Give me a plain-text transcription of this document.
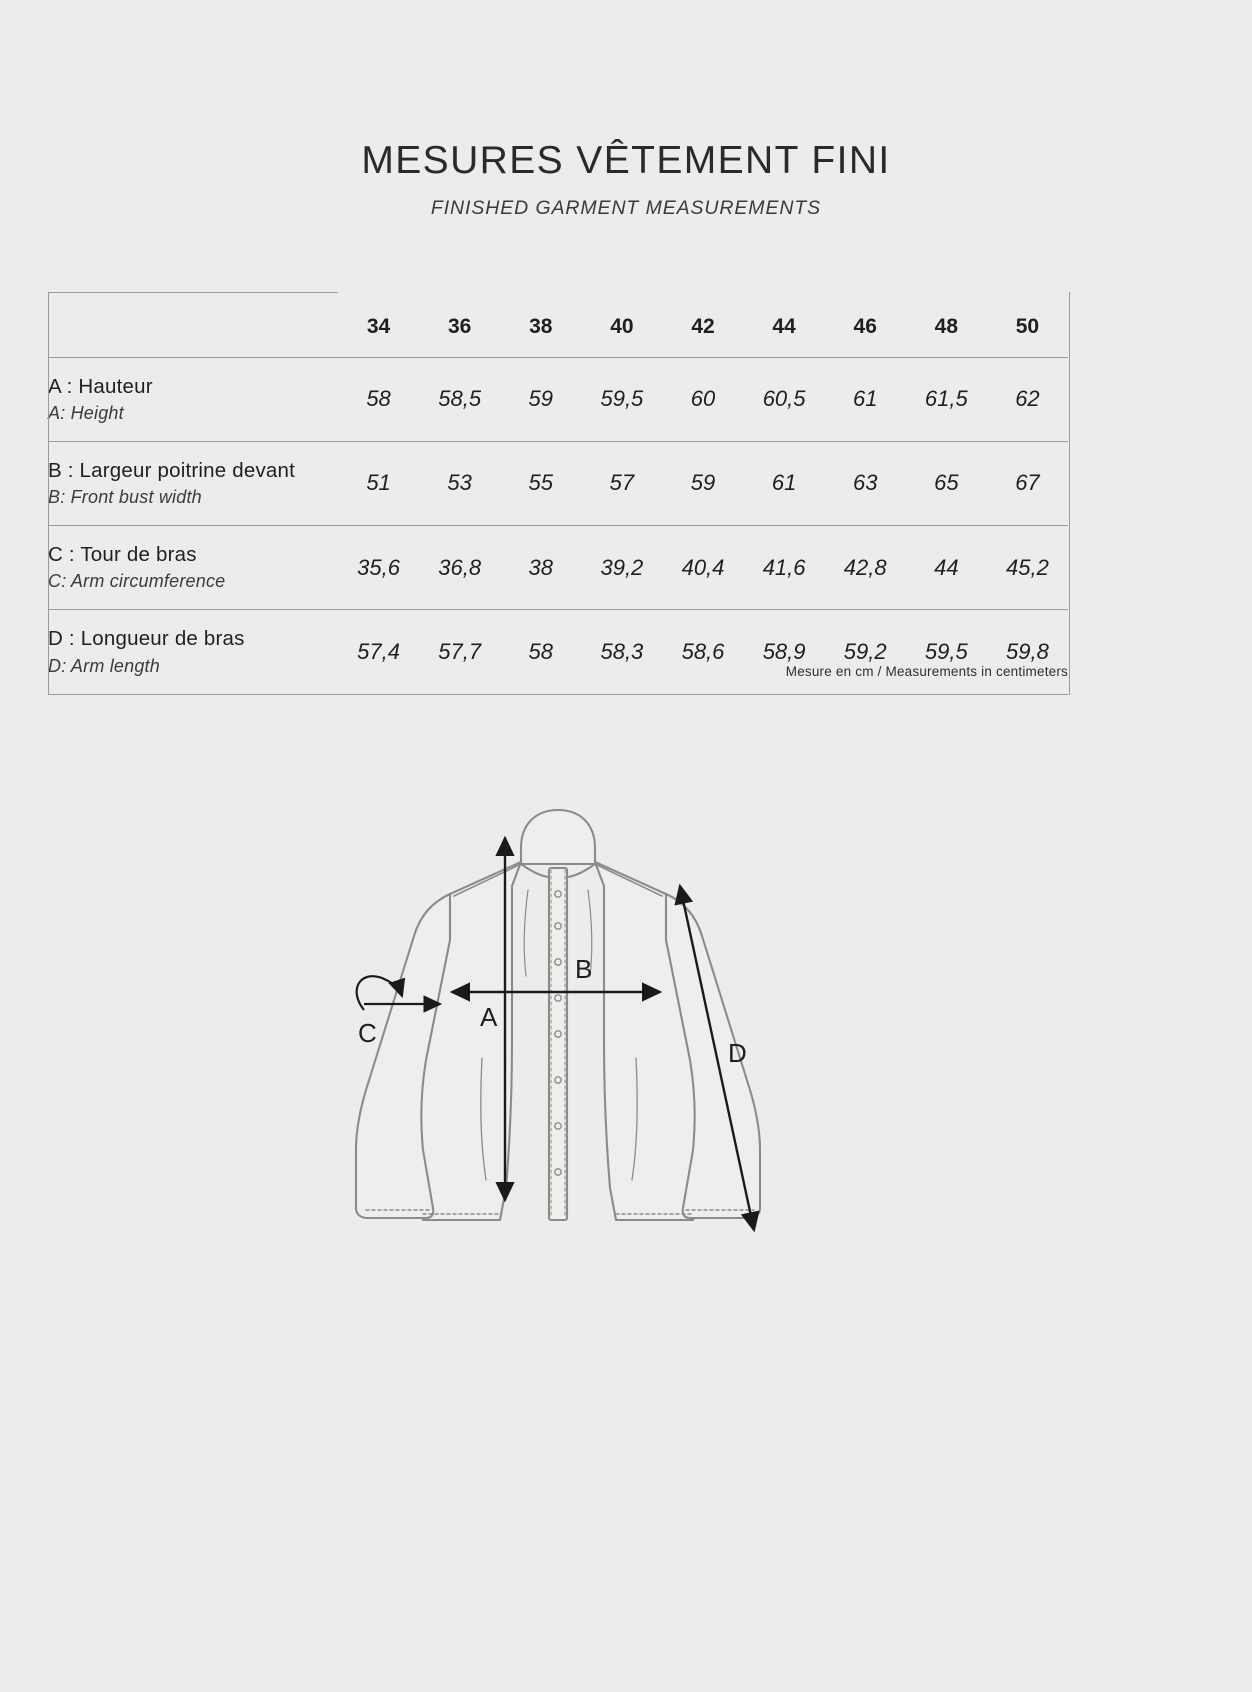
MESURES VÊTEMENT FINI

FINISHED GARMENT MEASUREMENTS

	34	36	38	40	42	44	46	48	50

A : Hauteur
A: Height	58	58,5	59	59,5	60	60,5	61	61,5	62

B : Largeur poitrine devant
B: Front bust width	51	53	55	57	59	61	63	65	67

C : Tour de bras
C: Arm circumference	35,6	36,8	38	39,2	40,4	41,6	42,8	44	45,2

D : Longueur de bras
D: Arm length	57,4	57,7	58	58,3	58,6	58,9	59,2	59,5	59,8
Mesure en cm / Measurements in centimeters
A
B
C
D
